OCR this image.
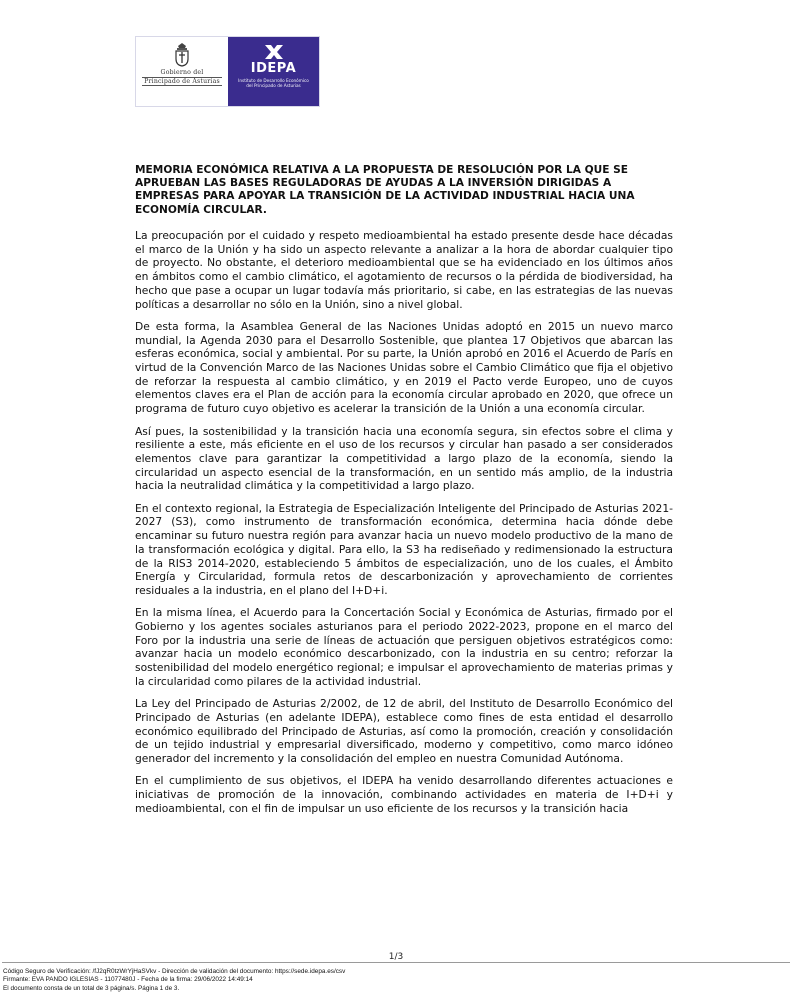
Gobierno del
Principado de Asturias
IDEPA
Instituto de Desarrollo Económico
del Principado de Asturias
MEMORIA ECONÓMICA RELATIVA A LA PROPUESTA DE RESOLUCIÓN POR LA QUE SE APRUEBAN LAS BASES REGULADORAS DE AYUDAS A LA INVERSIÓN DIRIGIDAS A EMPRESAS PARA APOYAR LA TRANSICIÓN DE LA ACTIVIDAD INDUSTRIAL HACIA UNA ECONOMÍA CIRCULAR.

La preocupación por el cuidado y respeto medioambiental ha estado presente desde hace décadas el marco de la Unión y ha sido un aspecto relevante a analizar a la hora de abordar cualquier tipo de proyecto. No obstante, el deterioro medioambiental que se ha evidenciado en los últimos años en ámbitos como el cambio climático, el agotamiento de recursos o la pérdida de biodiversidad, ha hecho que pase a ocupar un lugar todavía más prioritario, si cabe, en las estrategias de las nuevas políticas a desarrollar no sólo en la Unión, sino a nivel global.

De esta forma, la Asamblea General de las Naciones Unidas adoptó en 2015 un nuevo marco mundial, la Agenda 2030 para el Desarrollo Sostenible, que plantea 17 Objetivos que abarcan las esferas económica, social y ambiental. Por su parte, la Unión aprobó en 2016 el Acuerdo de París en virtud de la Convención Marco de las Naciones Unidas sobre el Cambio Climático que fija el objetivo de reforzar la respuesta al cambio climático, y en 2019 el Pacto verde Europeo, uno de cuyos elementos claves era el Plan de acción para la economía circular aprobado en 2020, que ofrece un programa de futuro cuyo objetivo es acelerar la transición de la Unión a una economía circular.

Así pues, la sostenibilidad y la transición hacia una economía segura, sin efectos sobre el clima y resiliente a este, más eficiente en el uso de los recursos y circular han pasado a ser considerados elementos clave para garantizar la competitividad a largo plazo de la economía, siendo la circularidad un aspecto esencial de la transformación, en un sentido más amplio, de la industria hacia la neutralidad climática y la competitividad a largo plazo.

En el contexto regional, la Estrategia de Especialización Inteligente del Principado de Asturias 2021-2027 (S3), como instrumento de transformación económica, determina hacia dónde debe encaminar su futuro nuestra región para avanzar hacia un nuevo modelo productivo de la mano de la transformación ecológica y digital. Para ello, la S3 ha rediseñado y redimensionado la estructura de la RIS3 2014-2020, estableciendo 5 ámbitos de especialización, uno de los cuales, el Ámbito Energía y Circularidad, formula retos de descarbonización y aprovechamiento de corrientes residuales a la industria, en el plano del I+D+i.

En la misma línea, el Acuerdo para la Concertación Social y Económica de Asturias, firmado por el Gobierno y los agentes sociales asturianos para el periodo 2022-2023, propone en el marco del Foro por la industria una serie de líneas de actuación que persiguen objetivos estratégicos como: avanzar hacia un modelo económico descarbonizado, con la industria en su centro; reforzar la sostenibilidad del modelo energético regional; e impulsar el aprovechamiento de materias primas y la circularidad como pilares de la actividad industrial.

La Ley del Principado de Asturias 2/2002, de 12 de abril, del Instituto de Desarrollo Económico del Principado de Asturias (en adelante IDEPA), establece como fines de esta entidad el desarrollo económico equilibrado del Principado de Asturias, así como la promoción, creación y consolidación de un tejido industrial y empresarial diversificado, moderno y competitivo, como marco idóneo generador del incremento y la consolidación del empleo en nuestra Comunidad Autónoma.

En el cumplimiento de sus objetivos, el IDEPA ha venido desarrollando diferentes actuaciones e iniciativas de promoción de la innovación, combinando actividades en materia de I+D+i y medioambiental, con el fin de impulsar un uso eficiente de los recursos y la transición hacia

1/3
Código Seguro de Verificación: /fJ2qR0tzWrYjHaSVkv - Dirección de validación del documento: https://sede.idepa.es/csv
Firmante: EVA PANDO IGLESIAS - 11077480J - Fecha de la firma: 29/06/2022 14:49:14
El documento consta de un total de 3 página/s. Página 1 de 3.
